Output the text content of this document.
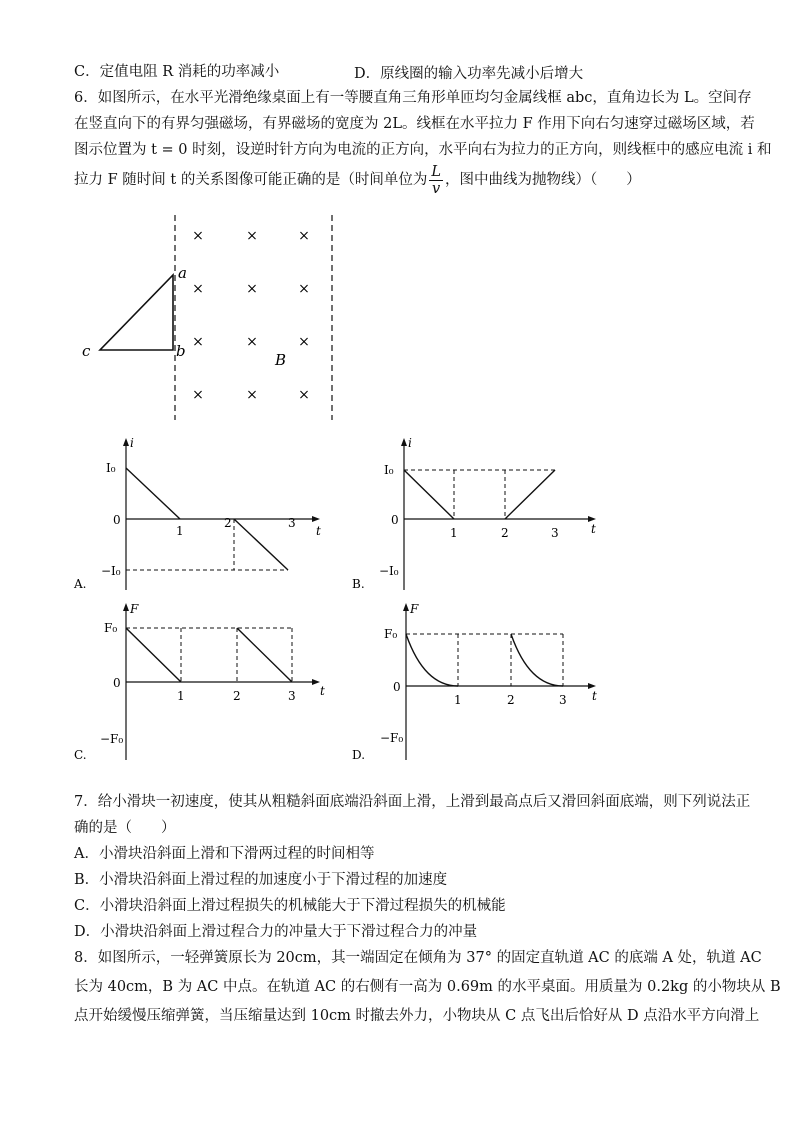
C．定值电阻 R 消耗的功率减小	D．原线圈的输入功率先减小后增大
6．如图所示，在水平光滑绝缘桌面上有一等腰直角三角形单匝均匀金属线框 abc，直角边长为 L。空间存
在竖直向下的有界匀强磁场，有界磁场的宽度为 2L。线框在水平拉力 F 作用下向右匀速穿过磁场区域，若
图示位置为 t = 0 时刻，设逆时针方向为电流的正方向，水平向右为拉力的正方向，则线框中的感应电流 i 和
拉力 F 随时间 t 的关系图像可能正确的是（时间单位为 $\frac{L}{v}$ ，图中曲线为抛物线）（　　）
×	×	×
×	×	×
×	×	×
×	×	×
a
b
c	B
i
t
I₀
0
−I₀
1
2	3
A.
i
t
I₀
0
−I₀
1	2	3
B.
F
t
F₀
0
−F₀
1	2	3
C.
F
t
F₀
0
−F₀
1	2	3
D.
7．给小滑块一初速度，使其从粗糙斜面底端沿斜面上滑，上滑到最高点后又滑回斜面底端，则下列说法正
确的是（　　）
A．小滑块沿斜面上滑和下滑两过程的时间相等
B．小滑块沿斜面上滑过程的加速度小于下滑过程的加速度
C．小滑块沿斜面上滑过程损失的机械能大于下滑过程损失的机械能
D．小滑块沿斜面上滑过程合力的冲量大于下滑过程合力的冲量
8．如图所示，一轻弹簧原长为 20cm，其一端固定在倾角为 37° 的固定直轨道 AC 的底端 A 处，轨道 AC
长为 40cm，B 为 AC 中点。在轨道 AC 的右侧有一高为 0.69m 的水平桌面。用质量为 0.2kg 的小物块从 B
点开始缓慢压缩弹簧，当压缩量达到 10cm 时撤去外力，小物块从 C 点飞出后恰好从 D 点沿水平方向滑上
